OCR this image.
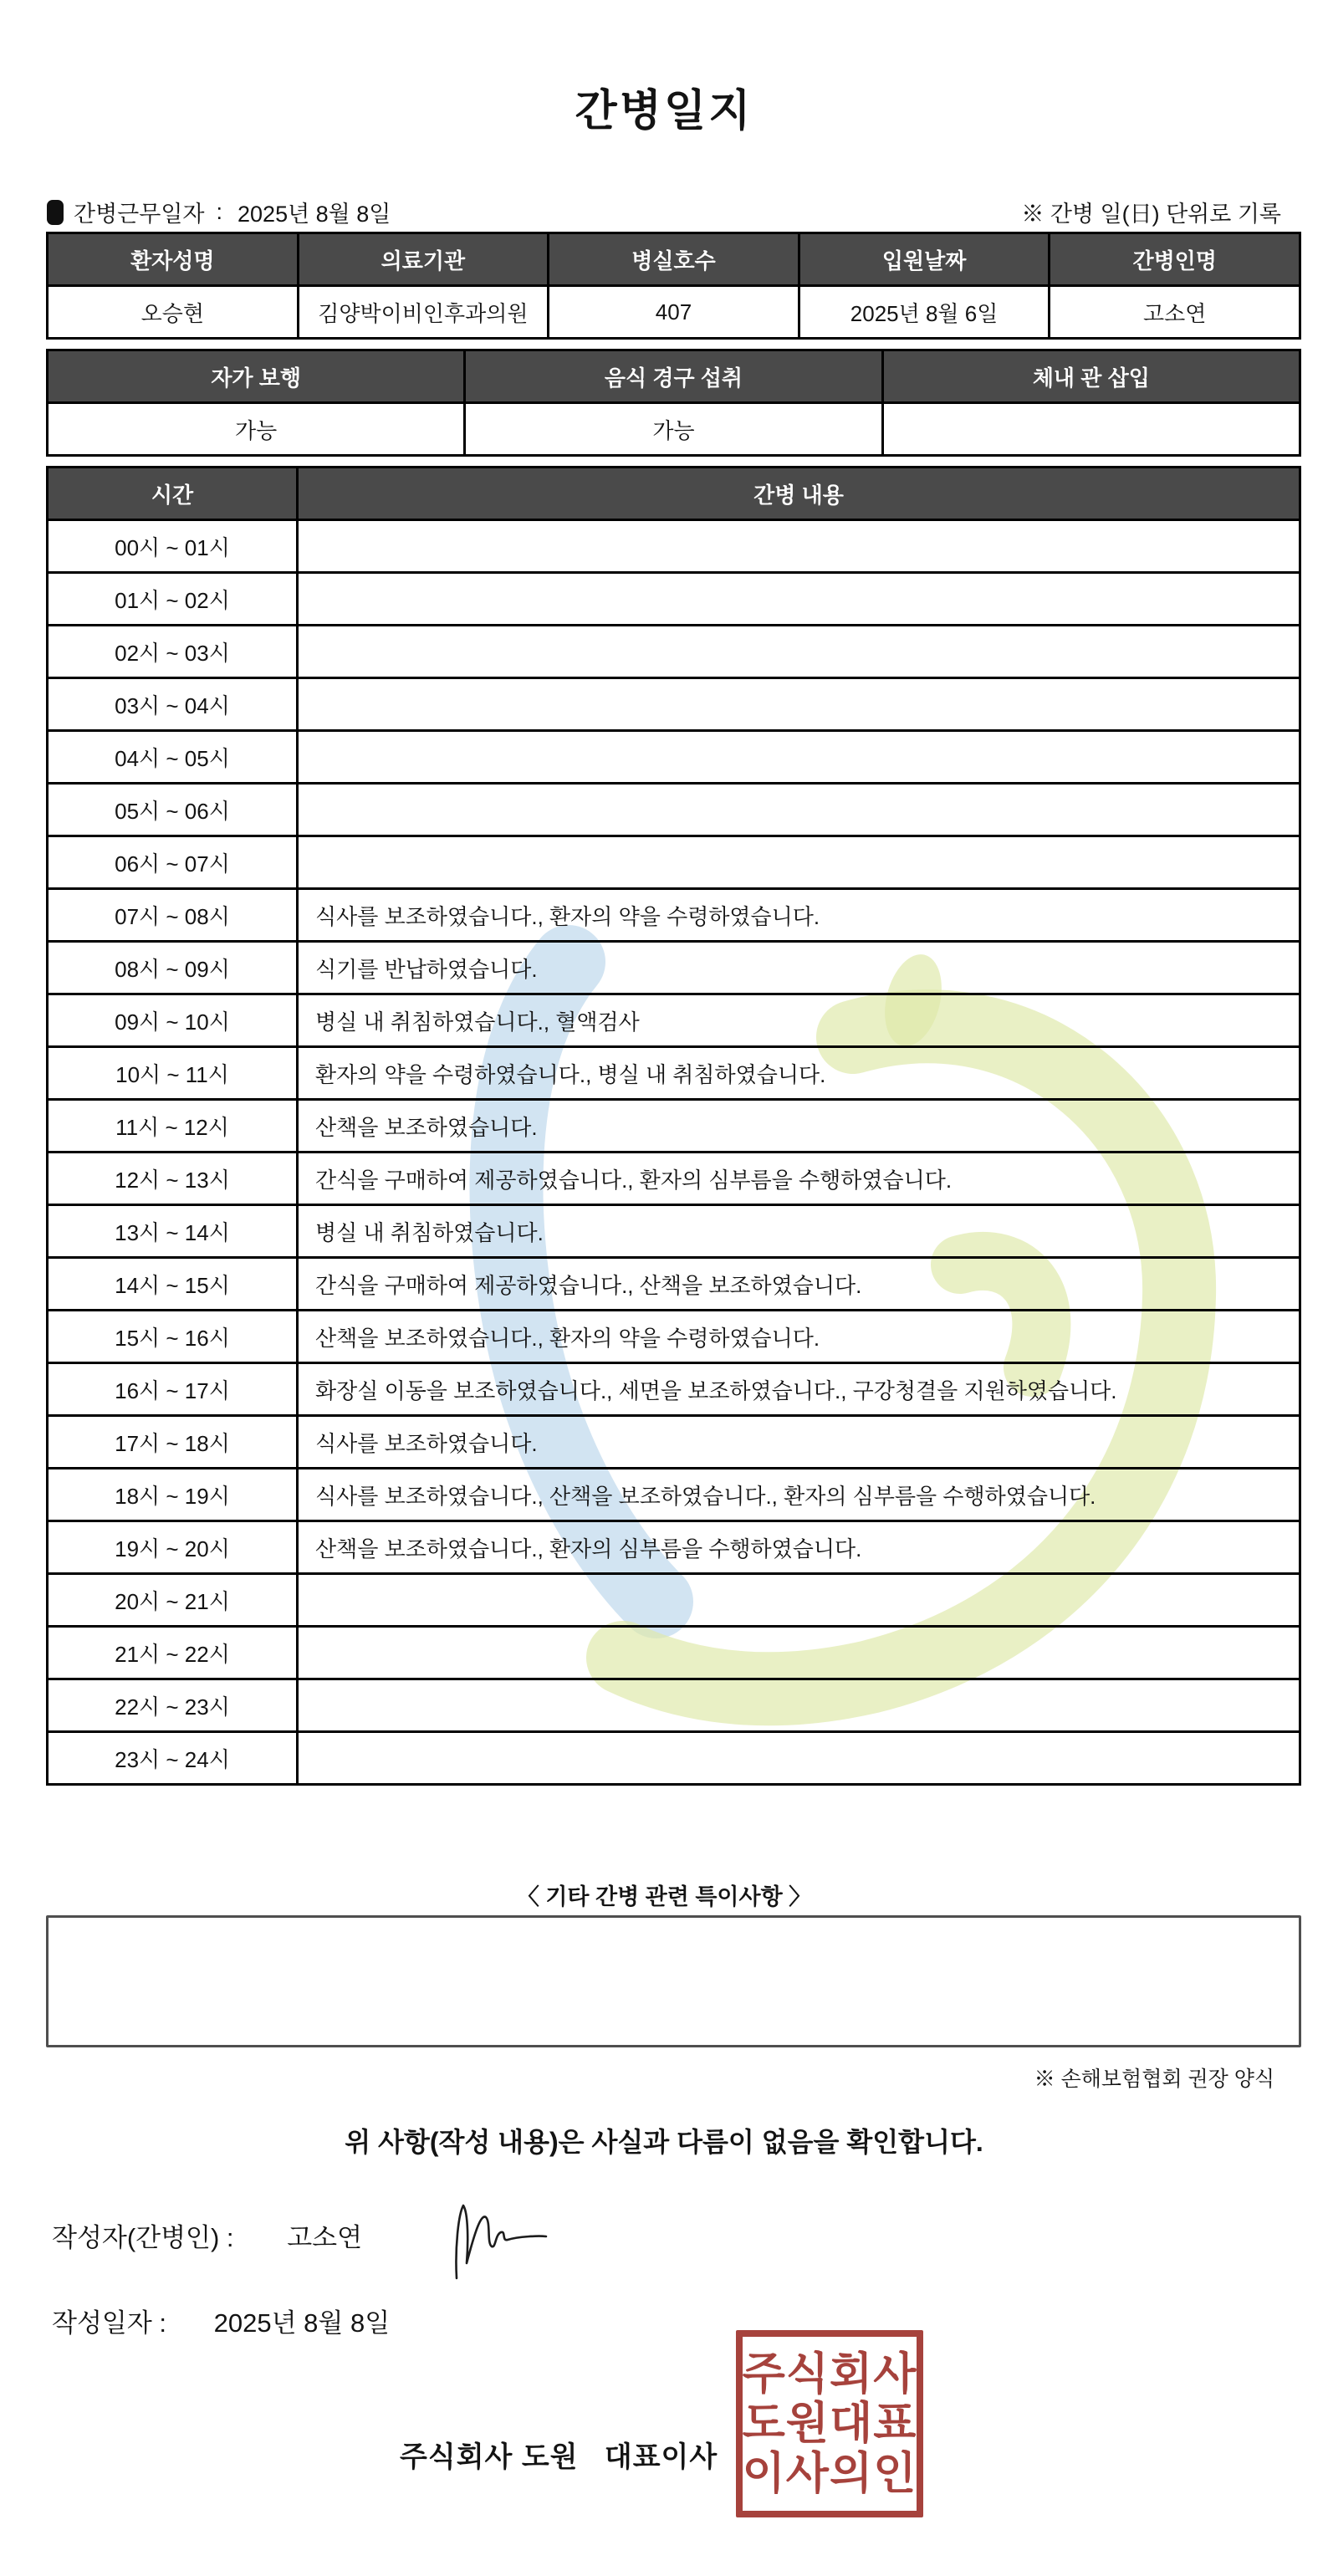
간병일지
간병근무일자 : 2025년 8월 8일	※ 간병 일(日) 단위로 기록
환자성명	의료기관	병실호수	입원날짜	간병인명
오승현	김양박이비인후과의원	407	2025년 8월 6일	고소연
자가 보행	음식 경구 섭취	체내 관 삽입
가능	가능	
시간	간병 내용
00시 ~ 01시	
01시 ~ 02시	
02시 ~ 03시	
03시 ~ 04시	
04시 ~ 05시	
05시 ~ 06시	
06시 ~ 07시	
07시 ~ 08시	식사를 보조하였습니다., 환자의 약을 수령하였습니다.
08시 ~ 09시	식기를 반납하였습니다.
09시 ~ 10시	병실 내 취침하였습니다., 혈액검사
10시 ~ 11시	환자의 약을 수령하였습니다., 병실 내 취침하였습니다.
11시 ~ 12시	산책을 보조하였습니다.
12시 ~ 13시	간식을 구매하여 제공하였습니다., 환자의 심부름을 수행하였습니다.
13시 ~ 14시	병실 내 취침하였습니다.
14시 ~ 15시	간식을 구매하여 제공하였습니다., 산책을 보조하였습니다.
15시 ~ 16시	산책을 보조하였습니다., 환자의 약을 수령하였습니다.
16시 ~ 17시	화장실 이동을 보조하였습니다., 세면을 보조하였습니다., 구강청결을 지원하였습니다.
17시 ~ 18시	식사를 보조하였습니다.
18시 ~ 19시	식사를 보조하였습니다., 산책을 보조하였습니다., 환자의 심부름을 수행하였습니다.
19시 ~ 20시	산책을 보조하였습니다., 환자의 심부름을 수행하였습니다.
20시 ~ 21시	
21시 ~ 22시	
22시 ~ 23시	
23시 ~ 24시	
〈 기타 간병 관련 특이사항 〉
※ 손해보험협회 권장 양식
위 사항(작성 내용)은 사실과 다름이 없음을 확인합니다.
작성자(간병인) : 고소연
작성일자 : 2025년 8월 8일
주식회사 도원   대표이사
주식회사
도원대표
이사의인
